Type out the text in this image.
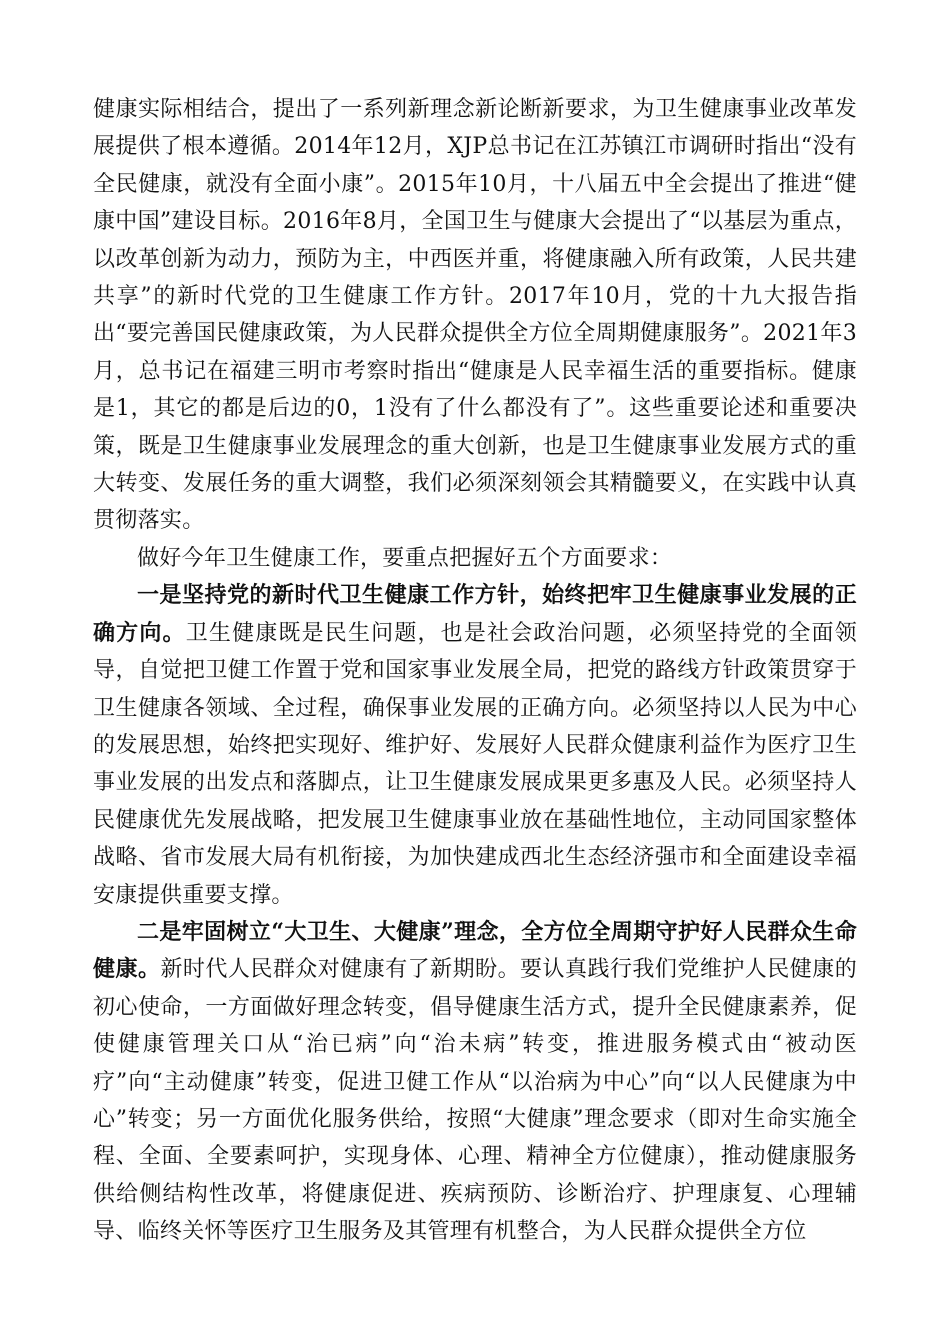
健康实际相结合，提出了一系列新理念新论断新要求，为卫生健康事业改革发展提供了根本遵循。2014年12月，XJP总书记在江苏镇江市调研时指出“没有全民健康，就没有全面小康”。2015年10月，十八届五中全会提出了推进“健康中国”建设目标。2016年8月，全国卫生与健康大会提出了“以基层为重点，以改革创新为动力，预防为主，中西医并重，将健康融入所有政策，人民共建共享”的新时代党的卫生健康工作方针。2017年10月，党的十九大报告指出“要完善国民健康政策，为人民群众提供全方位全周期健康服务”。2021年3月，总书记在福建三明市考察时指出“健康是人民幸福生活的重要指标。健康是1，其它的都是后边的0，1没有了什么都没有了”。这些重要论述和重要决策，既是卫生健康事业发展理念的重大创新，也是卫生健康事业发展方式的重大转变、发展任务的重大调整，我们必须深刻领会其精髓要义，在实践中认真贯彻落实。

做好今年卫生健康工作，要重点把握好五个方面要求：

一是坚持党的新时代卫生健康工作方针，始终把牢卫生健康事业发展的正确方向。卫生健康既是民生问题，也是社会政治问题，必须坚持党的全面领导，自觉把卫健工作置于党和国家事业发展全局，把党的路线方针政策贯穿于卫生健康各领域、全过程，确保事业发展的正确方向。必须坚持以人民为中心的发展思想，始终把实现好、维护好、发展好人民群众健康利益作为医疗卫生事业发展的出发点和落脚点，让卫生健康发展成果更多惠及人民。必须坚持人民健康优先发展战略，把发展卫生健康事业放在基础性地位，主动同国家整体战略、省市发展大局有机衔接，为加快建成西北生态经济强市和全面建设幸福安康提供重要支撑。

二是牢固树立“大卫生、大健康”理念，全方位全周期守护好人民群众生命健康。新时代人民群众对健康有了新期盼。要认真践行我们党维护人民健康的初心使命，一方面做好理念转变，倡导健康生活方式，提升全民健康素养，促使健康管理关口从“治已病”向“治未病”转变，推进服务模式由“被动医疗”向“主动健康”转变，促进卫健工作从“以治病为中心”向“以人民健康为中心”转变；另一方面优化服务供给，按照“大健康”理念要求（即对生命实施全程、全面、全要素呵护，实现身体、心理、精神全方位健康），推动健康服务供给侧结构性改革，将健康促进、疾病预防、诊断治疗、护理康复、心理辅导、临终关怀等医疗卫生服务及其管理有机整合，为人民群众提供全方位
